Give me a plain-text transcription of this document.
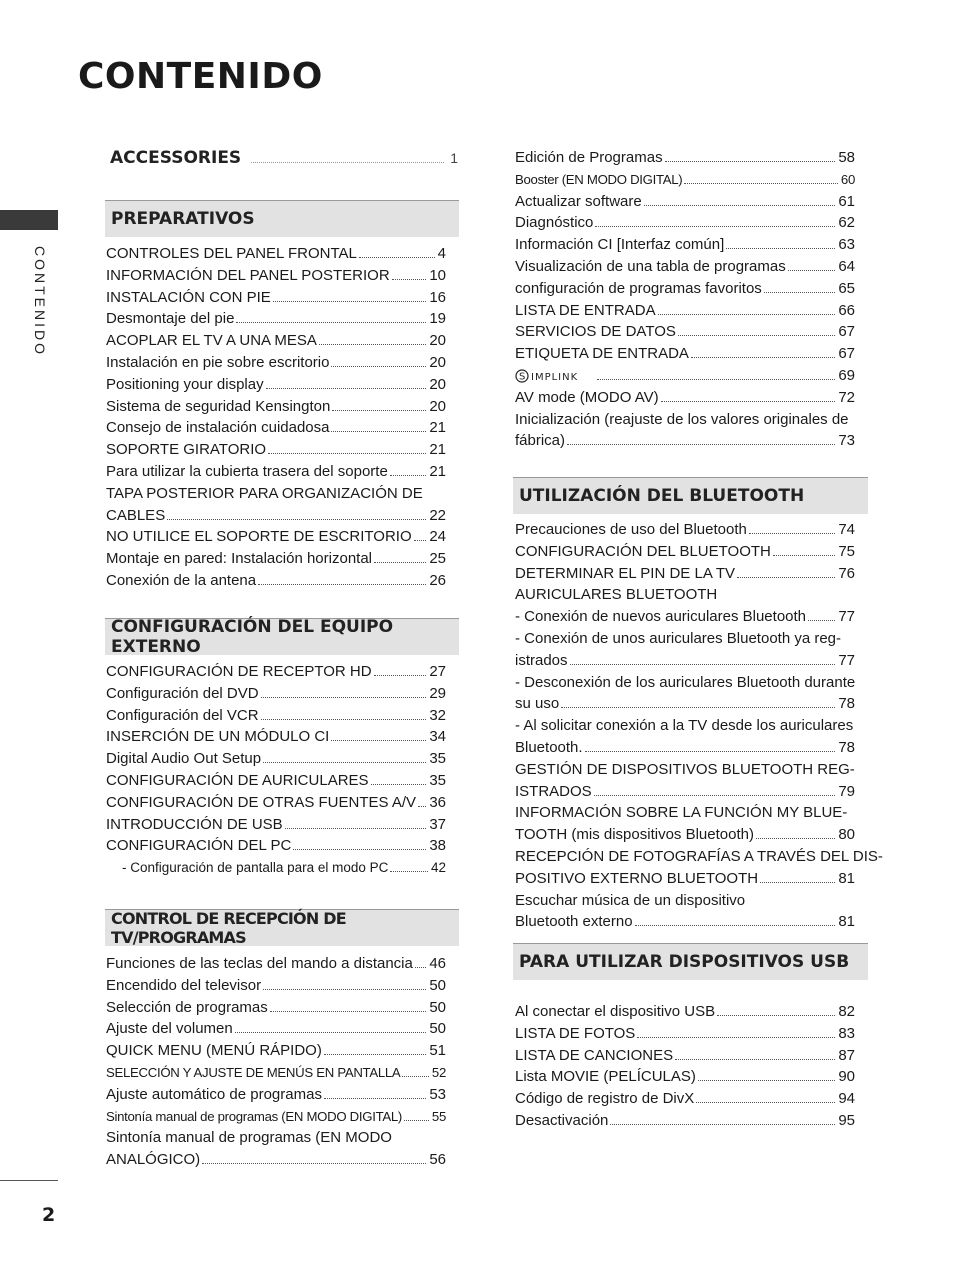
CONTENIDO
CONTENIDO
2
ACCESSORIES	1
PREPARATIVOS
CONTROLES DEL PANEL FRONTAL	4
INFORMACIÓN DEL PANEL POSTERIOR	10
INSTALACIÓN CON PIE	16
Desmontaje del pie	19
ACOPLAR EL TV A UNA MESA	20
Instalación en pie sobre escritorio	20
Positioning your display	20
Sistema de seguridad Kensington	20
Consejo de instalación cuidadosa	21
SOPORTE GIRATORIO	21
Para utilizar la cubierta trasera del soporte	21
TAPA POSTERIOR PARA ORGANIZACIÓN DE
CABLES	22
NO UTILICE EL SOPORTE DE ESCRITORIO 24
Montaje en pared: Instalación horizontal	25
Conexión de la antena	26
CONFIGURACIÓN DEL EQUIPO EXTERNO
CONFIGURACIÓN DE RECEPTOR HD	27
Configuración del DVD	29
Configuración del VCR	32
INSERCIÓN DE UN MÓDULO CI	34
Digital Audio Out Setup	35
CONFIGURACIÓN DE AURICULARES	35
CONFIGURACIÓN DE OTRAS FUENTES A/V 36
INTRODUCCIÓN DE USB	37
CONFIGURACIÓN DEL PC	38
- Configuración de pantalla para el modo PC	42
CONTROL DE RECEPCIÓN DE TV/PROGRAMAS
Funciones de las teclas del mando a distancia 46
Encendido del televisor	50
Selección de programas	50
Ajuste del volumen	50
QUICK MENU (MENÚ RÁPIDO)	51
SELECCIÓN Y AJUSTE DE MENÚS EN PANTALLA 52
Ajuste automático de programas	53
Sintonía manual de programas (EN MODO DIGITAL) 55
Sintonía manual de programas (EN MODO
ANALÓGICO)	56
Edición de Programas	58
Booster (EN MODO DIGITAL)	60
Actualizar software	61
Diagnóstico	62
Información CI [Interfaz común]	63
Visualización de una tabla de programas	64
configuración de programas favoritos	65
LISTA DE ENTRADA	66
SERVICIOS DE DATOS	67
ETIQUETA DE ENTRADA	67
S IMPLINK	69
AV mode (MODO AV)	72
Inicialización (reajuste de los valores originales de
fábrica)	73
UTILIZACIÓN DEL BLUETOOTH
Precauciones de uso del Bluetooth	74
CONFIGURACIÓN DEL BLUETOOTH	75
DETERMINAR EL PIN DE LA TV	76
AURICULARES BLUETOOTH
- Conexión de nuevos auriculares Bluetooth 77
- Conexión de unos auriculares Bluetooth ya reg-
istrados	77
- Desconexión de los auriculares Bluetooth durante
su uso	78
- Al solicitar conexión a la TV desde los auriculares
Bluetooth.	78
GESTIÓN DE DISPOSITIVOS BLUETOOTH REG-
ISTRADOS	79
INFORMACIÓN SOBRE LA FUNCIÓN MY BLUE-
TOOTH (mis dispositivos Bluetooth)	80
RECEPCIÓN DE FOTOGRAFÍAS A TRAVÉS DEL DIS-
POSITIVO EXTERNO BLUETOOTH	81
Escuchar música de un dispositivo
Bluetooth externo	81
PARA UTILIZAR DISPOSITIVOS USB
Al conectar el dispositivo USB	82
LISTA DE FOTOS	83
LISTA DE CANCIONES	87
Lista MOVIE (PELÍCULAS)	90
Código de registro de DivX	94
Desactivación	95
